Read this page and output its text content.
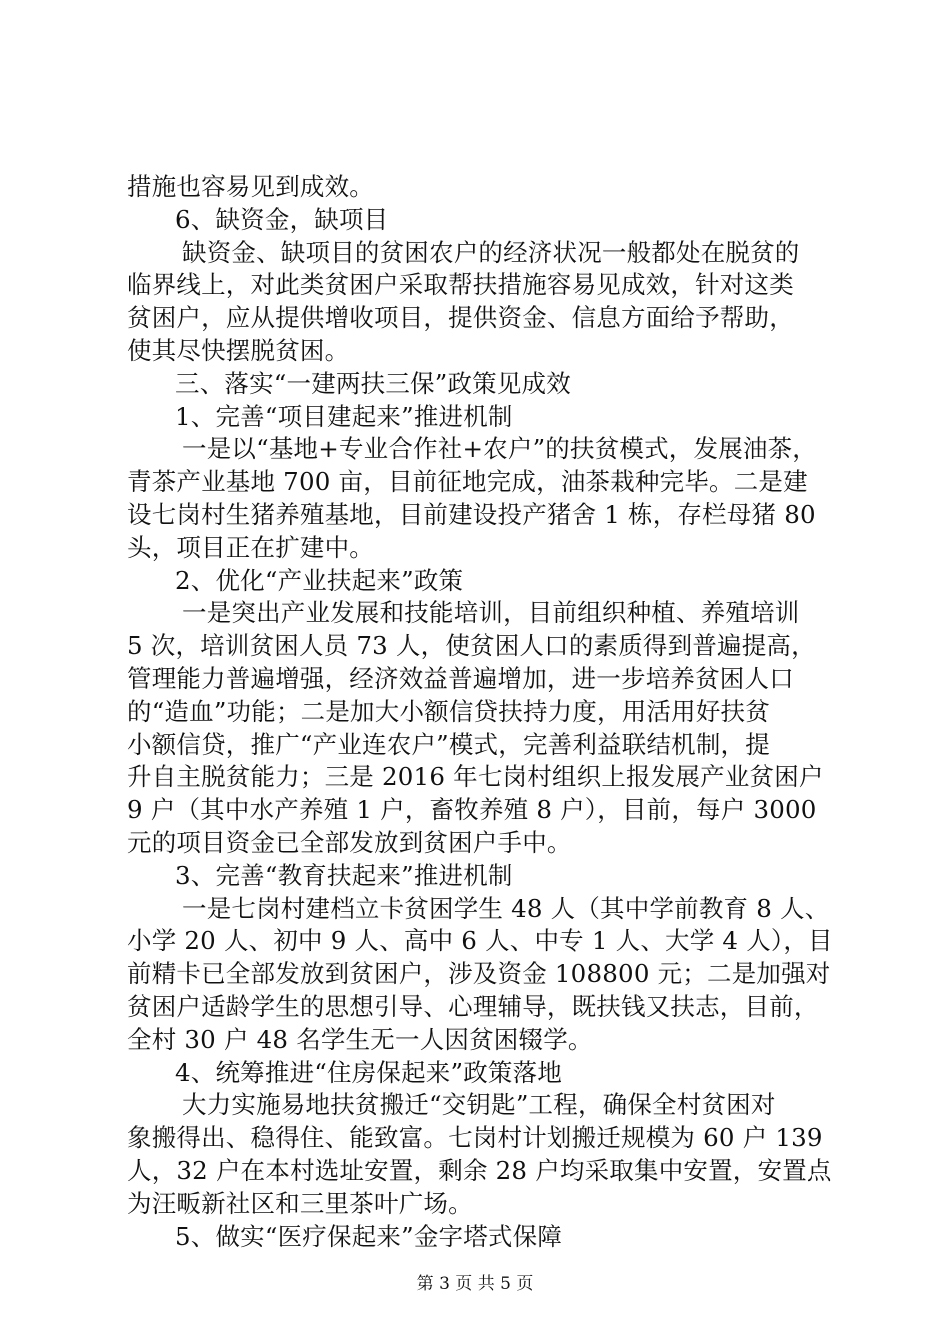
措施也容易见到成效。
6、缺资金，缺项目
缺资金、缺项目的贫困农户的经济状况一般都处在脱贫的
临界线上，对此类贫困户采取帮扶措施容易见成效，针对这类
贫困户，应从提供增收项目，提供资金、信息方面给予帮助，
使其尽快摆脱贫困。
三、落实“一建两扶三保”政策见成效
1、完善“项目建起来”推进机制
一是以“基地+专业合作社+农户”的扶贫模式，发展油茶，
青茶产业基地 700 亩，目前征地完成，油茶栽种完毕。二是建
设七岗村生猪养殖基地，目前建设投产猪舍 1 栋，存栏母猪 80
头，项目正在扩建中。
2、优化“产业扶起来”政策
一是突出产业发展和技能培训，目前组织种植、养殖培训
5 次，培训贫困人员 73 人，使贫困人口的素质得到普遍提高，
管理能力普遍增强，经济效益普遍增加，进一步培养贫困人口
的“造血”功能；二是加大小额信贷扶持力度，用活用好扶贫
小额信贷，推广“产业连农户”模式，完善利益联结机制，提
升自主脱贫能力；三是 2016 年七岗村组织上报发展产业贫困户
9 户（其中水产养殖 1 户，畜牧养殖 8 户），目前，每户 3000
元的项目资金已全部发放到贫困户手中。
3、完善“教育扶起来”推进机制
一是七岗村建档立卡贫困学生 48 人（其中学前教育 8 人、
小学 20 人、初中 9 人、高中 6 人、中专 1 人、大学 4 人），目
前精卡已全部发放到贫困户，涉及资金 108800 元；二是加强对
贫困户适龄学生的思想引导、心理辅导，既扶钱又扶志，目前，
全村 30 户 48 名学生无一人因贫困辍学。
4、统筹推进“住房保起来”政策落地
大力实施易地扶贫搬迁“交钥匙”工程，确保全村贫困对
象搬得出、稳得住、能致富。七岗村计划搬迁规模为 60 户 139
人，32 户在本村选址安置，剩余 28 户均采取集中安置，安置点
为汪畈新社区和三里茶叶广场。
5、做实“医疗保起来”金字塔式保障
第 3 页 共 5 页
